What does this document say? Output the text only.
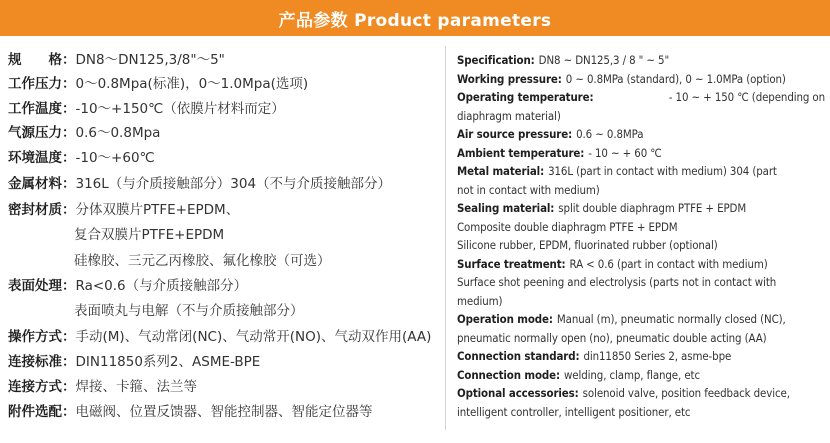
产品参数 Product parameters
规　　格： DN8～DN125,3/8"～5"
工作压力： 0～0.8Mpa(标准)，0～1.0Mpa(选项)
工作温度： -10～+150℃（依膜片材料而定）
气源压力： 0.6～0.8Mpa
环境温度： -10～+60℃
金属材料： 316L（与介质接触部分）304（不与介质接触部分）
密封材质： 分体双膜片PTFE+EPDM、
复合双膜片PTFE+EPDM
硅橡胶、三元乙丙橡胶、氟化橡胶（可选）
表面处理： Ra<0.6（与介质接触部分）
表面喷丸与电解（不与介质接触部分）
操作方式： 手动(M)、气动常闭(NC)、气动常开(NO)、气动双作用(AA)
连接标准： DIN11850系列2、ASME-BPE
连接方式： 焊接、卡箍、法兰等
附件选配： 电磁阀、位置反馈器、智能控制器、智能定位器等
Specification: DN8 ~ DN125,3 / 8 " ~ 5"
Working pressure: 0 ~ 0.8MPa (standard), 0 ~ 1.0MPa (option)
Operating temperature:	- 10 ~ + 150 ℃ (depending on
diaphragm material)
Air source pressure: 0.6 ~ 0.8MPa
Ambient temperature: - 10 ~ + 60 ℃
Metal material: 316L (part in contact with medium) 304 (part
not in contact with medium)
Sealing material: split double diaphragm PTFE + EPDM
Composite double diaphragm PTFE + EPDM
Silicone rubber, EPDM, fluorinated rubber (optional)
Surface treatment: RA < 0.6 (part in contact with medium)
Surface shot peening and electrolysis (parts not in contact with
medium)
Operation mode: Manual (m), pneumatic normally closed (NC),
pneumatic normally open (no), pneumatic double acting (AA)
Connection standard: din11850 Series 2, asme-bpe
Connection mode: welding, clamp, flange, etc
Optional accessories: solenoid valve, position feedback device,
intelligent controller, intelligent positioner, etc
